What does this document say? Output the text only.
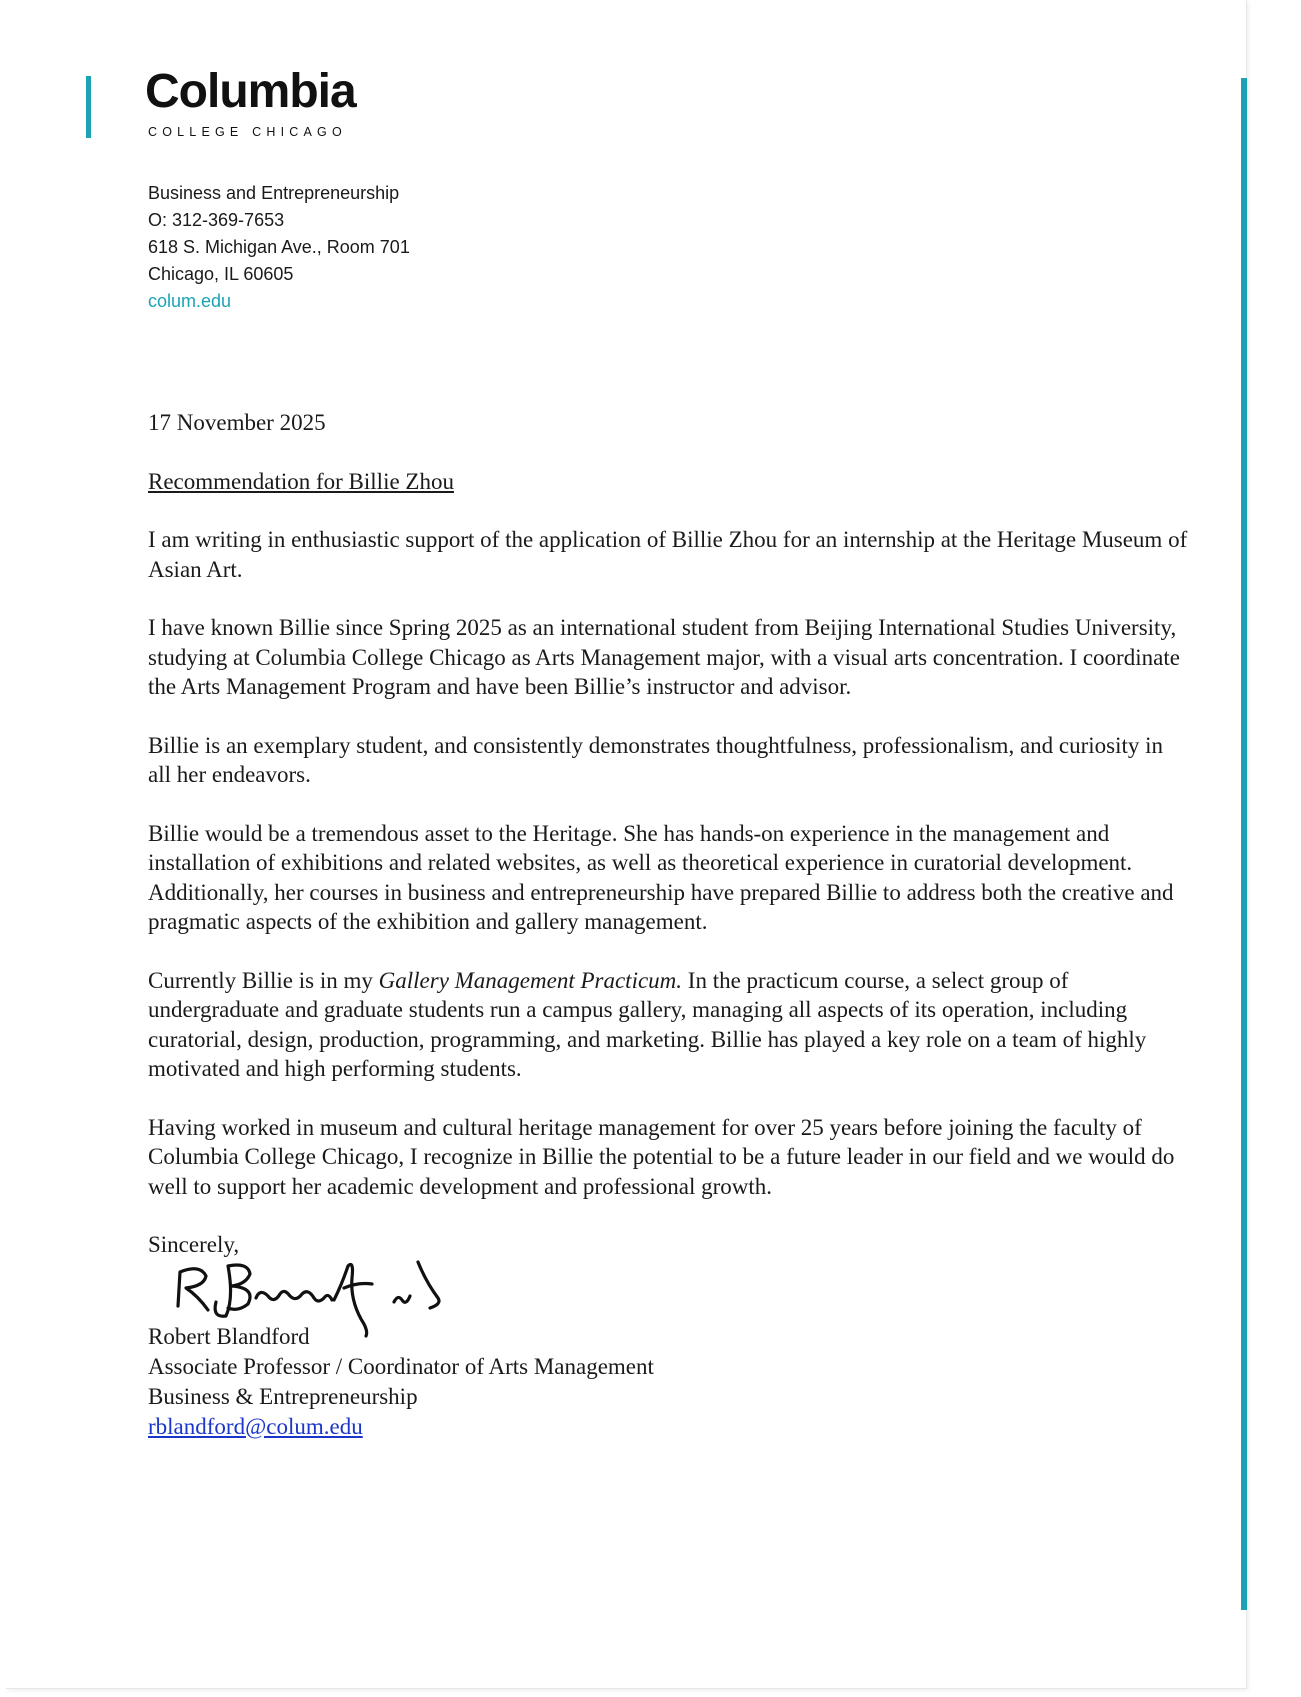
Columbia
COLLEGE CHICAGO
Business and Entrepreneurship
O: 312-369-7653
618 S. Michigan Ave., Room 701
Chicago, IL 60605
colum.edu

17 November 2025

Recommendation for Billie Zhou

I am writing in enthusiastic support of the application of Billie Zhou for an internship at the Heritage Museum of Asian Art.

I have known Billie since Spring 2025 as an international student from Beijing International Studies University, studying at Columbia College Chicago as Arts Management major, with a visual arts concentration. I coordinate the Arts Management Program and have been Billie’s instructor and advisor.

Billie is an exemplary student, and consistently demonstrates thoughtfulness, professionalism, and curiosity in all her endeavors.

Billie would be a tremendous asset to the Heritage. She has hands-on experience in the management and installation of exhibitions and related websites, as well as theoretical experience in curatorial development. Additionally, her courses in business and entrepreneurship have prepared Billie to address both the creative and pragmatic aspects of the exhibition and gallery management.

Currently Billie is in my Gallery Management Practicum. In the practicum course, a select group of undergraduate and graduate students run a campus gallery, managing all aspects of its operation, including curatorial, design, production, programming, and marketing. Billie has played a key role on a team of highly motivated and high performing students.

Having worked in museum and cultural heritage management for over 25 years before joining the faculty of Columbia College Chicago, I recognize in Billie the potential to be a future leader in our field and we would do well to support her academic development and professional growth.

Sincerely,
Robert Blandford
Associate Professor / Coordinator of Arts Management
Business & Entrepreneurship
rblandford@colum.edu
